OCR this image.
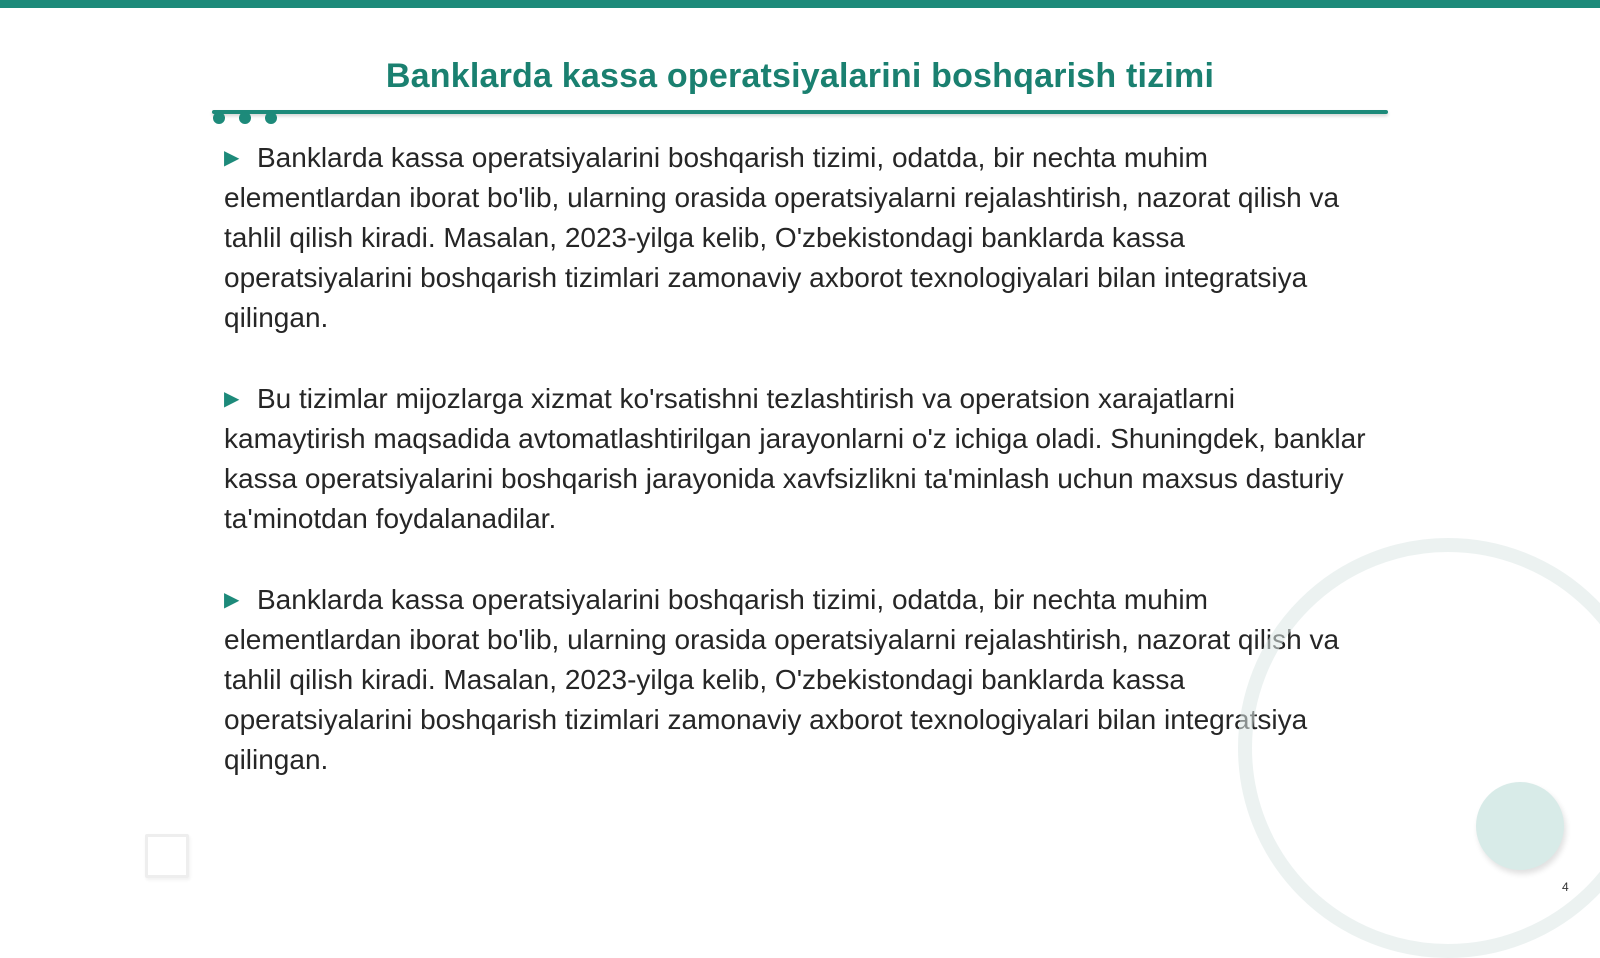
Banklarda kassa operatsiyalarini boshqarish tizimi

▶ Banklarda kassa operatsiyalarini boshqarish tizimi, odatda, bir nechta muhim elementlardan iborat bo'lib, ularning orasida operatsiyalarni rejalashtirish, nazorat qilish va tahlil qilish kiradi. Masalan, 2023-yilga kelib, O'zbekistondagi banklarda kassa operatsiyalarini boshqarish tizimlari zamonaviy axborot texnologiyalari bilan integratsiya qilingan.

▶ Bu tizimlar mijozlarga xizmat ko'rsatishni tezlashtirish va operatsion xarajatlarni kamaytirish maqsadida avtomatlashtirilgan jarayonlarni o'z ichiga oladi. Shuningdek, banklar kassa operatsiyalarini boshqarish jarayonida xavfsizlikni ta'minlash uchun maxsus dasturiy ta'minotdan foydalanadilar.

▶ Banklarda kassa operatsiyalarini boshqarish tizimi, odatda, bir nechta muhim elementlardan iborat bo'lib, ularning orasida operatsiyalarni rejalashtirish, nazorat qilish va tahlil qilish kiradi. Masalan, 2023-yilga kelib, O'zbekistondagi banklarda kassa operatsiyalarini boshqarish tizimlari zamonaviy axborot texnologiyalari bilan integratsiya qilingan.

4
